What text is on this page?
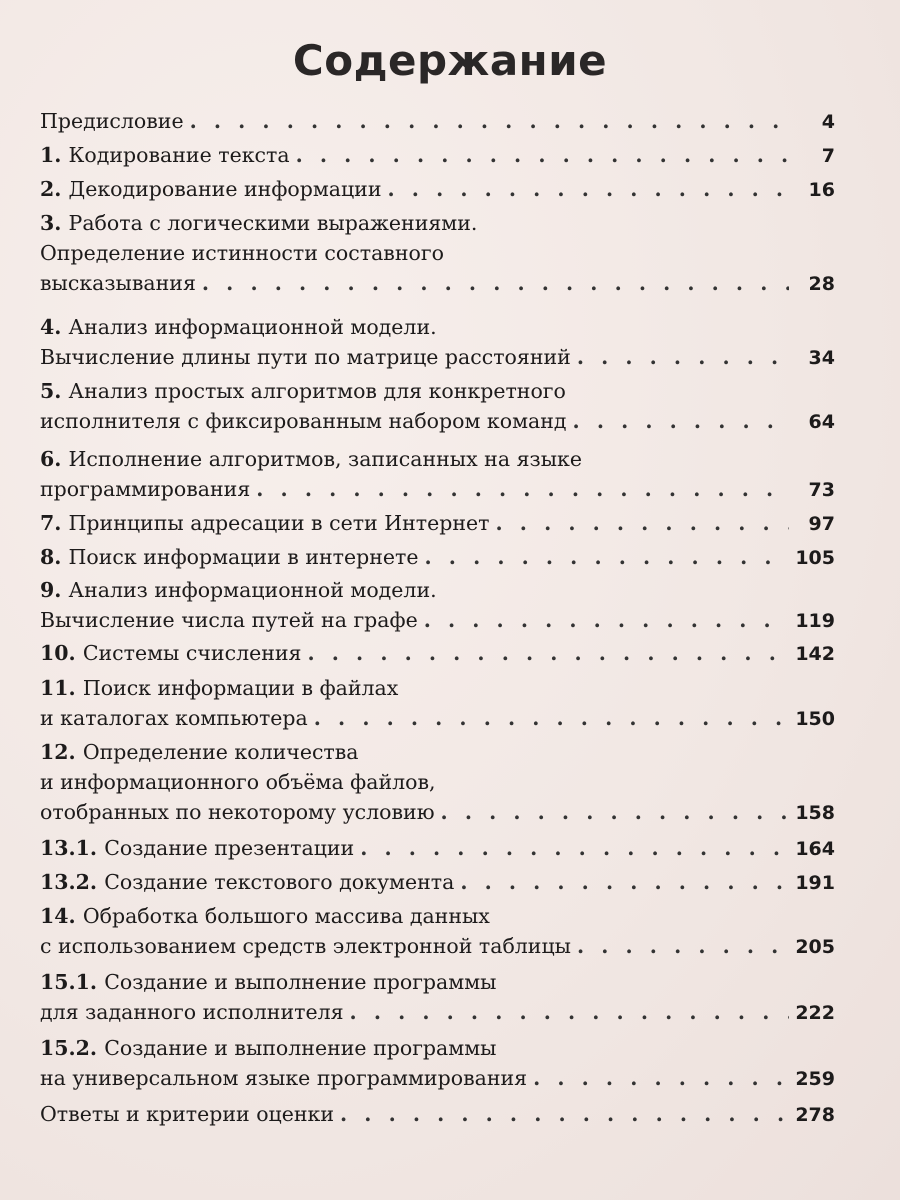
Содержание
Предисловие . . .	4
1. Кодирование текста . . .	7
2. Декодирование информации . . .	16
3. Работа с логическими выражениями.
Определение истинности составного
высказывания . . .	28
4. Анализ информационной модели.
Вычисление длины пути по матрице расстояний . . .	34
5. Анализ простых алгоритмов для конкретного
исполнителя с фиксированным набором команд . . .	64
6. Исполнение алгоритмов, записанных на языке
программирования . . .	73
7. Принципы адресации в сети Интернет . . .	97
8. Поиск информации в интернете . . .	105
9. Анализ информационной модели.
Вычисление числа путей на графе . . .	119
10. Системы счисления . . .	142
11. Поиск информации в файлах
и каталогах компьютера . . .	150
12. Определение количества
и информационного объёма файлов,
отобранных по некоторому условию . . .	158
13.1. Создание презентации . . .	164
13.2. Создание текстового документа . . .	191
14. Обработка большого массива данных
с использованием средств электронной таблицы . . .	205
15.1. Создание и выполнение программы
для заданного исполнителя . . .	222
15.2. Создание и выполнение программы
на универсальном языке программирования . . .	259
Ответы и критерии оценки . . .	278
